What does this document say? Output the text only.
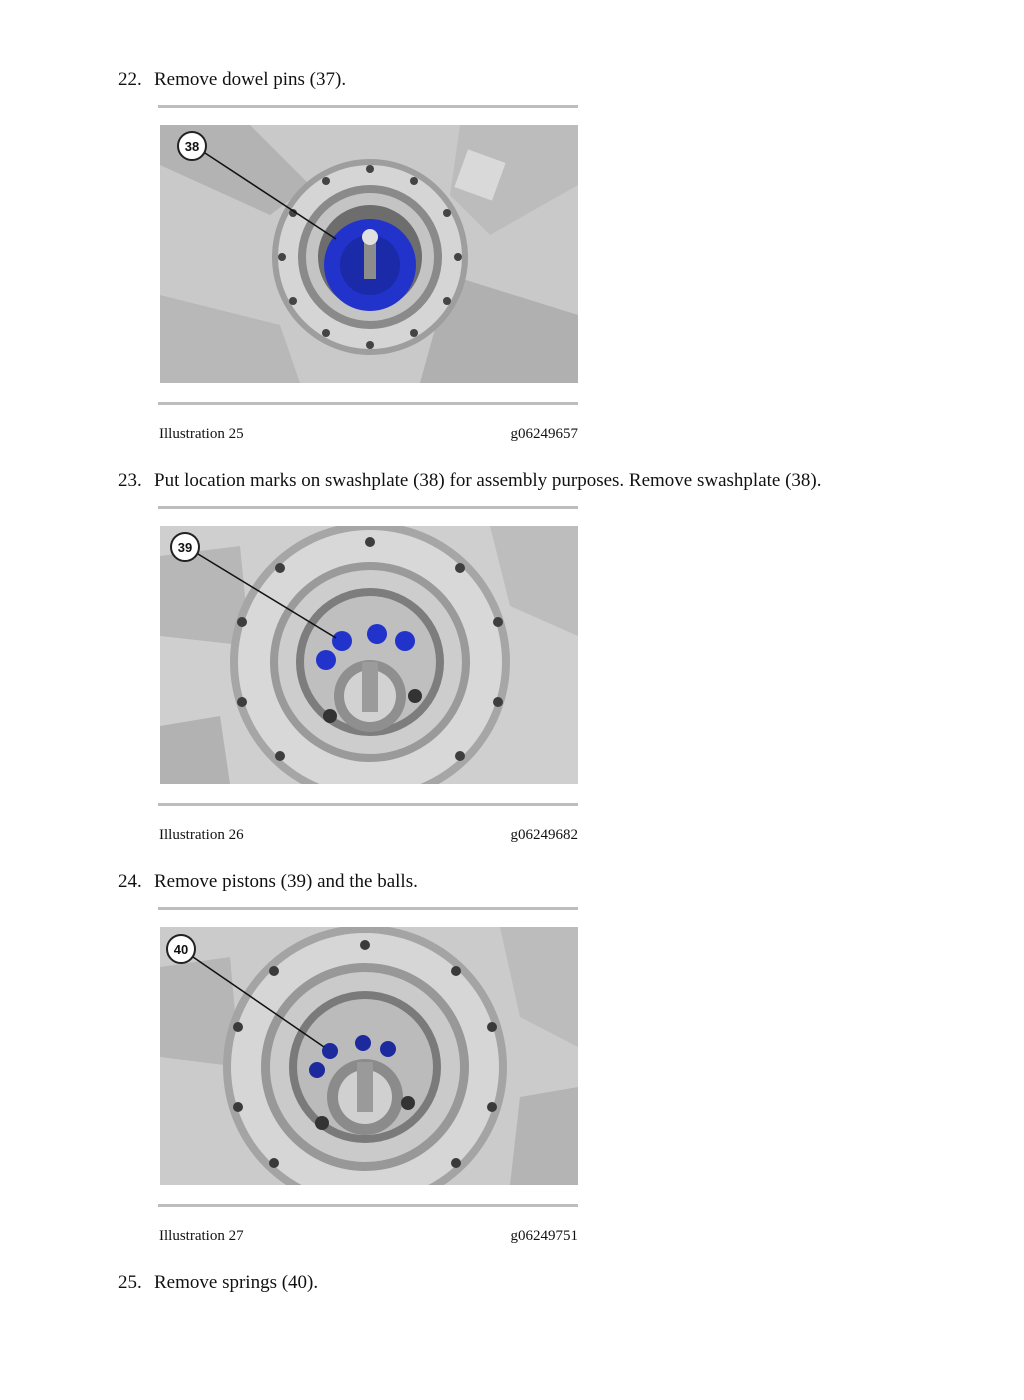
22. Remove dowel pins (37).
38
Illustration 25	g06249657
23. Put location marks on swashplate (38) for assembly purposes. Remove swashplate (38).
39
Illustration 26	g06249682
24. Remove pistons (39) and the balls.
40
Illustration 27	g06249751
25. Remove springs (40).
